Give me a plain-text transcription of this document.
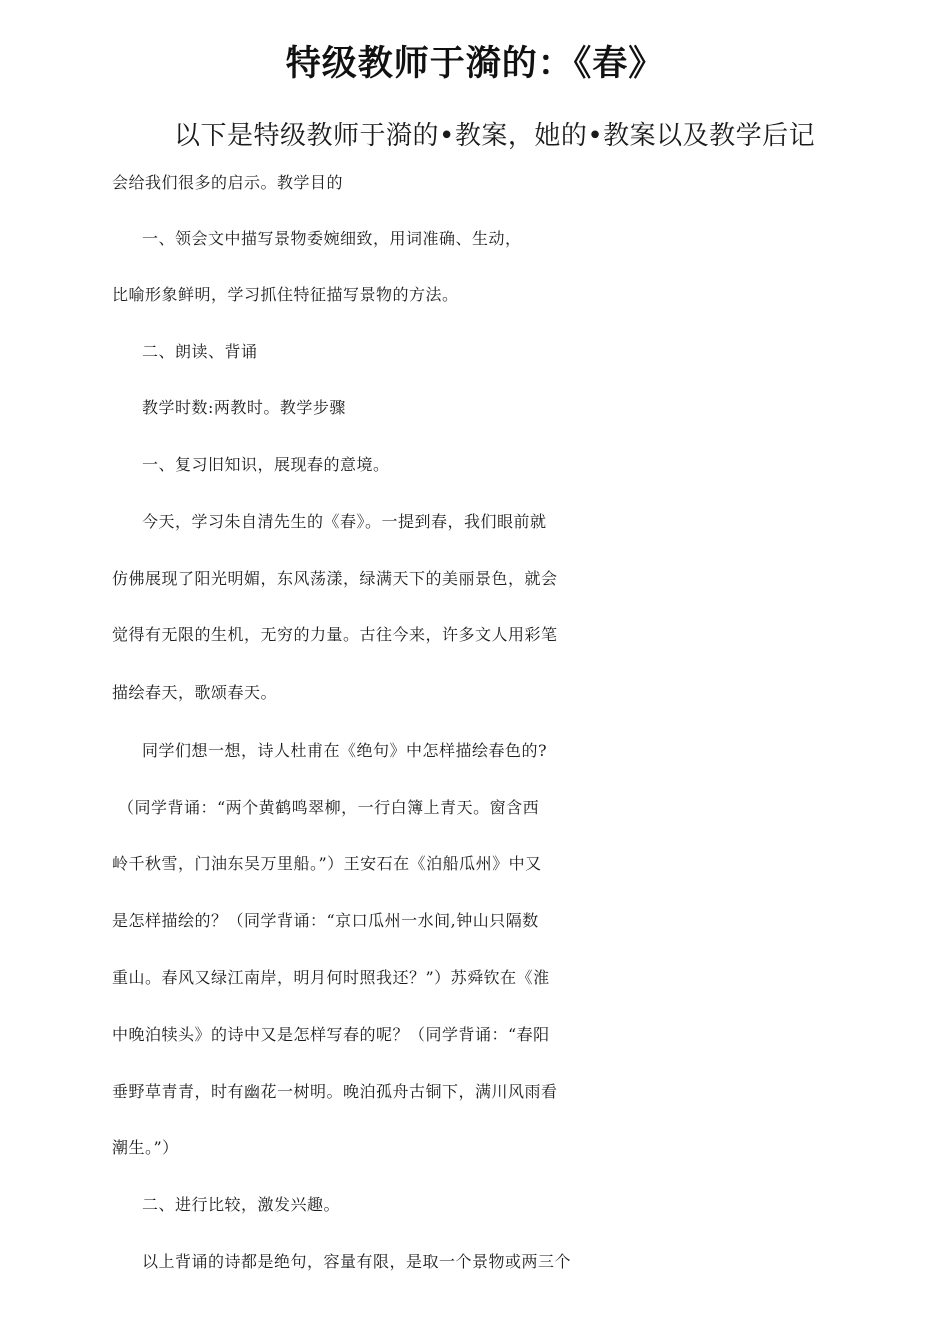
特级教师于漪的：《春》
以下是特级教师于漪的•教案，她的•教案以及教学后记
会给我们很多的启示。教学目的
一、领会文中描写景物委婉细致，用词准确、生动，
比喻形象鲜明，学习抓住特征描写景物的方法。
二、朗读、背诵
教学时数:两教时。教学步骤
一、复习旧知识，展现春的意境。
今天，学习朱自清先生的《春》。一提到春，我们眼前就
仿佛展现了阳光明媚，东风荡漾，绿满天下的美丽景色，就会
觉得有无限的生机，无穷的力量。古往今来，许多文人用彩笔
描绘春天，歌颂春天。
同学们想一想，诗人杜甫在《绝句》中怎样描绘春色的?
（同学背诵：“两个黄鹤鸣翠柳，一行白簿上青天。窗含西
岭千秋雪，门油东吴万里船。”）王安石在《泊船瓜州》中又
是怎样描绘的？（同学背诵：“京口瓜州一水间,钟山只隔数
重山。春风又绿江南岸，明月何时照我还？”）苏舜钦在《淮
中晚泊犊头》的诗中又是怎样写春的呢？（同学背诵：“春阳
垂野草青青，时有幽花一树明。晚泊孤舟古铜下，满川风雨看
潮生。”）
二、进行比较，激发兴趣。
以上背诵的诗都是绝句，容量有限，是取一个景物或两三个
